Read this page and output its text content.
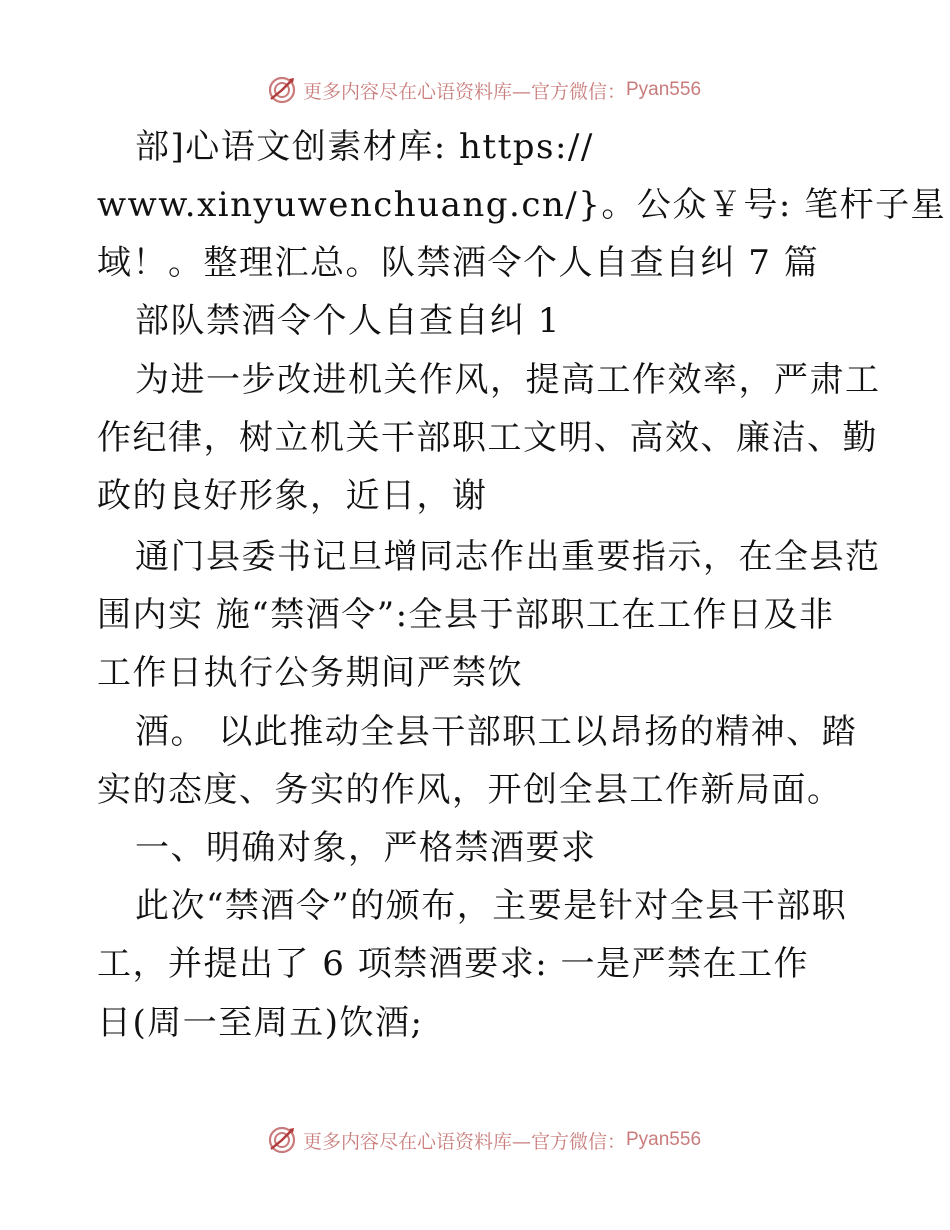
更多内容尽在心语资料库—官方微信： Pyan556
部]心语文创素材库: https://
www.xinyuwenchuang.cn/}。公众￥号: 笔杆子星
域！。整理汇总。队禁酒令个人自查自纠 7 篇
部队禁酒令个人自查自纠 1
为进一步改进机关作风，提高工作效率，严肃工
作纪律，树立机关干部职工文明、高效、廉洁、勤
政的良好形象，近日，谢
通门县委书记旦增同志作出重要指示，在全县范
围内实 施“禁酒令”:全县于部职工在工作日及非
工作日执行公务期间严禁饮
酒。 以此推动全县干部职工以昂扬的精神、踏
实的态度、务实的作风，开创全县工作新局面。
一、明确对象，严格禁酒要求
此次“禁酒令”的颁布，主要是针对全县干部职
工，并提出了 6 项禁酒要求: 一是严禁在工作
日(周一至周五)饮酒;
更多内容尽在心语资料库—官方微信： Pyan556
